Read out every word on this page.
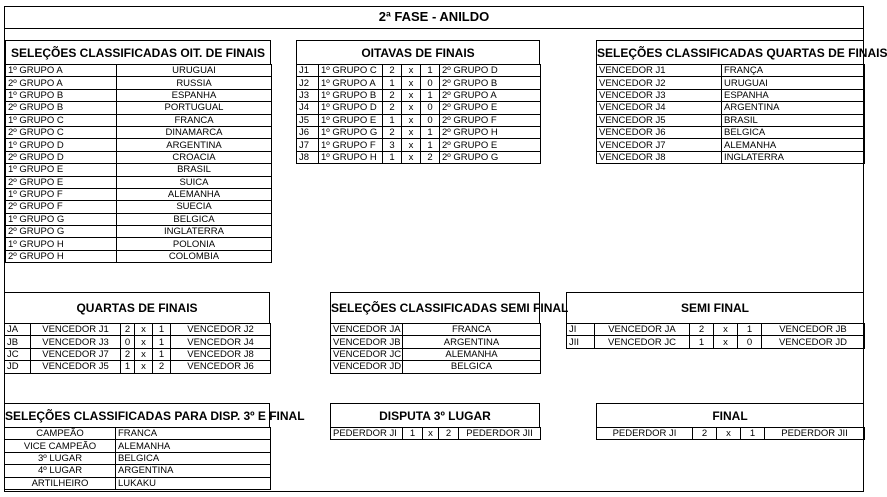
2ª FASE - ANILDO
SELEÇÕES CLASSIFICADAS OIT. DE FINAIS
1º GRUPO A	URUGUAI
2º GRUPO A	RUSSIA
1º GRUPO B	ESPANHA
2º GRUPO B	PORTUGUAL
1º GRUPO C	FRANCA
2º GRUPO C	DINAMARCA
1º GRUPO D	ARGENTINA
2º GRUPO D	CROACIA
1º GRUPO E	BRASIL
2º GRUPO E	SUICA
1º GRUPO F	ALEMANHA
2º GRUPO F	SUECIA
1º GRUPO G	BELGICA
2º GRUPO G	INGLATERRA
1º GRUPO H	POLONIA
2º GRUPO H	COLOMBIA
OITAVAS DE FINAIS
J1	1º GRUPO C	2	x	1	2º GRUPO D
J2	1º GRUPO A	1	x	0	2º GRUPO B
J3	1º GRUPO B	2	x	1	2º GRUPO A
J4	1º GRUPO D	2	x	0	2º GRUPO E
J5	1º GRUPO E	1	x	0	2º GRUPO F
J6	1º GRUPO G	2	x	1	2º GRUPO H
J7	1º GRUPO F	3	x	1	2º GRUPO E
J8	1º GRUPO H	1	x	2	2º GRUPO G
SELEÇÕES CLASSIFICADAS QUARTAS DE FINAIS
VENCEDOR J1	FRANÇA
VENCEDOR J2	URUGUAI
VENCEDOR J3	ESPANHA
VENCEDOR J4	ARGENTINA
VENCEDOR J5	BRASIL
VENCEDOR J6	BELGICA
VENCEDOR J7	ALEMANHA
VENCEDOR J8	INGLATERRA
QUARTAS DE FINAIS
JA	VENCEDOR J1	2	x	1	VENCEDOR J2
JB	VENCEDOR J3	0	x	1	VENCEDOR J4
JC	VENCEDOR J7	2	x	1	VENCEDOR J8
JD	VENCEDOR J5	1	x	2	VENCEDOR J6
SELEÇÕES CLASSIFICADAS SEMI FINAL
VENCEDOR JA	FRANCA
VENCEDOR JB	ARGENTINA
VENCEDOR JC	ALEMANHA
VENCEDOR JD	BELGICA
SEMI FINAL
JI	VENCEDOR JA	2	x	1	VENCEDOR JB
JII	VENCEDOR JC	1	x	0	VENCEDOR JD
SELEÇÕES CLASSIFICADAS PARA DISP. 3º E FINAL
CAMPEÃO	FRANCA
VICE CAMPEÃO	ALEMANHA
3º LUGAR	BELGICA
4º LUGAR	ARGENTINA
ARTILHEIRO	LUKAKU
DISPUTA 3º LUGAR
PEDERDOR JI	1	x	2	PEDERDOR JII
FINAL
PEDERDOR JI	2	x	1	PEDERDOR JII
